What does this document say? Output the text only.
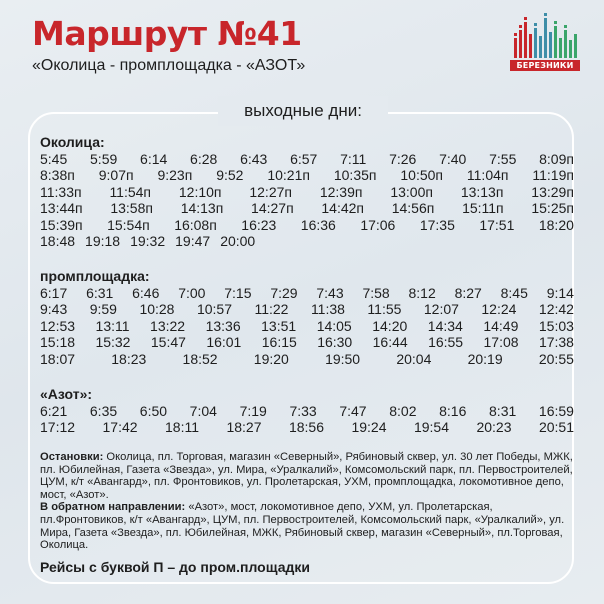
Маршрут №41
«Околица - промплощадка - «АЗОТ»	БЕРЕЗНИКИ
выходные дни:
Околица:
5:45 5:59 6:14 6:28 6:43 6:57 7:11 7:26 7:40 7:55 8:09п
8:38п 9:07п 9:23п 9:52 10:21п 10:35п 10:50п 11:04п 11:19п
11:33п 11:54п 12:10п 12:27п 12:39п 13:00п 13:13п 13:29п
13:44п 13:58п 14:13п 14:27п 14:42п 14:56п 15:11п 15:25п
15:39п 15:54п 16:08п 16:23 16:36 17:06 17:35 17:51 18:20
18:48 19:18 19:32 19:47 20:00
промплощадка:
6:17 6:31 6:46 7:00 7:15 7:29 7:43 7:58 8:12 8:27 8:45 9:14
9:43 9:59 10:28 10:57 11:22 11:38 11:55 12:07 12:24 12:42
12:53 13:11 13:22 13:36 13:51 14:05 14:20 14:34 14:49 15:03
15:18 15:32 15:47 16:01 16:15 16:30 16:44 16:55 17:08 17:38
18:07	18:23	18:52	19:20	19:50	20:04	20:19	20:55
«Азот»:
6:21 6:35 6:50 7:04 7:19 7:33 7:47 8:02 8:16 8:31 16:59
17:12 17:42 18:11 18:27 18:56 19:24 19:54 20:23 20:51
Остановки: Околица, пл. Торговая, магазин «Северный», Рябиновый сквер, ул. 30 лет Победы, МЖК, пл. Юбилейная, Газета «Звезда», ул. Мира, «Уралкалий», Комсомольский парк, пл. Первостроителей, ЦУМ, к/т «Авангард», пл. Фронтовиков, ул. Пролетарская, УХМ, промплощадка, локомотивное депо, мост, «Азот».
В обратном направлении: «Азот», мост, локомотивное депо, УХМ, ул. Пролетарская, пл.Фронтовиков, к/т «Авангард», ЦУМ, пл. Первостроителей, Комсомольский парк, «Уралкалий», ул. Мира, Газета «Звезда», пл. Юбилейная, МЖК, Рябиновый сквер, магазин «Северный», пл.Торговая, Околица.
Рейсы с буквой П – до пром.площадки
